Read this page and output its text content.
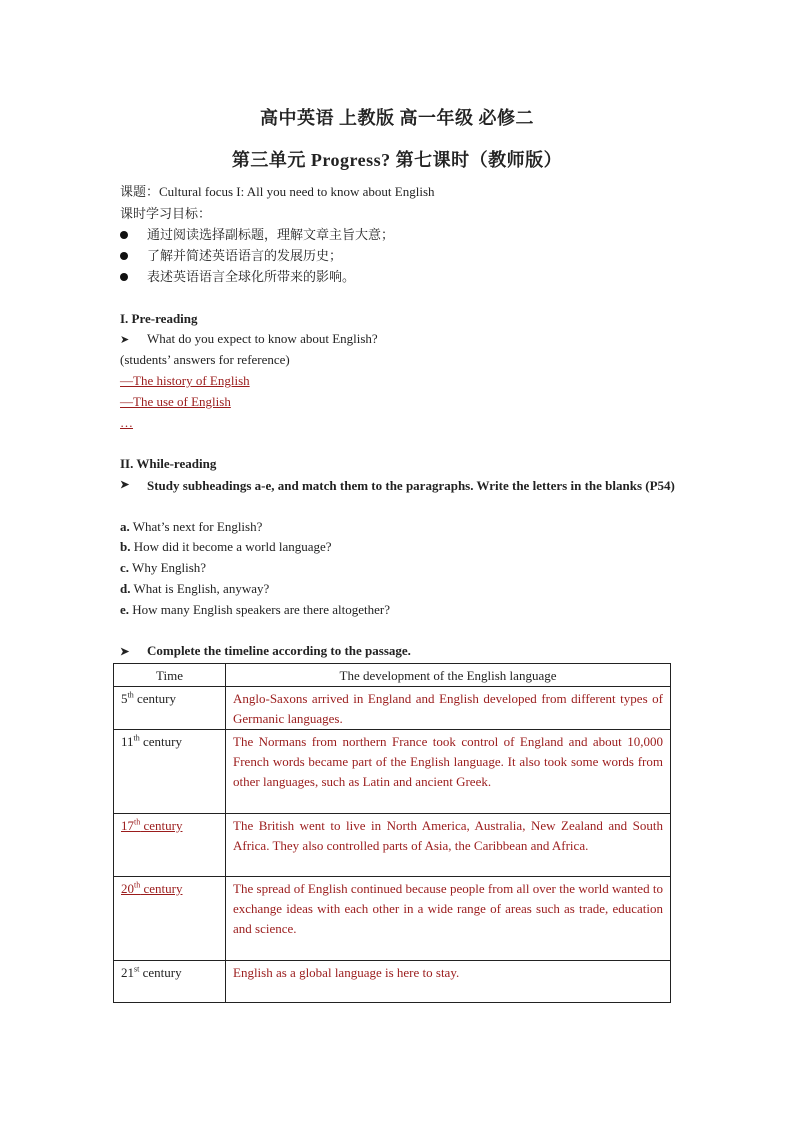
高中英语 上教版 高一年级 必修二
第三单元 Progress? 第七课时（教师版）
课题：Cultural focus I: All you need to know about English
课时学习目标：
通过阅读选择副标题，理解文章主旨大意；
了解并简述英语语言的发展历史；
表述英语语言全球化所带来的影响。
I. Pre-reading
➤ What do you expect to know about English?
(students’ answers for reference)
—The history of English
—The use of English
…
II. While-reading
➤	Study subheadings a-e, and match them to the paragraphs. Write the letters in the blanks (P54)
a. What’s next for English?
b. How did it become a world language?
c. Why English?
d. What is English, anyway?
e. How many English speakers are there altogether?
➤ Complete the timeline according to the passage.
Time	The development of the English language
5th century	Anglo-Saxons arrived in England and English developed from different types of Germanic languages.
11th century	The Normans from northern France took control of England and about 10,000 French words became part of the English language. It also took some words from other languages, such as Latin and ancient Greek.
17th century	The British went to live in North America, Australia, New Zealand and South Africa. They also controlled parts of Asia, the Caribbean and Africa.
20th century	The spread of English continued because people from all over the world wanted to exchange ideas with each other in a wide range of areas such as trade, education and science.
21st century	English as a global language is here to stay.
